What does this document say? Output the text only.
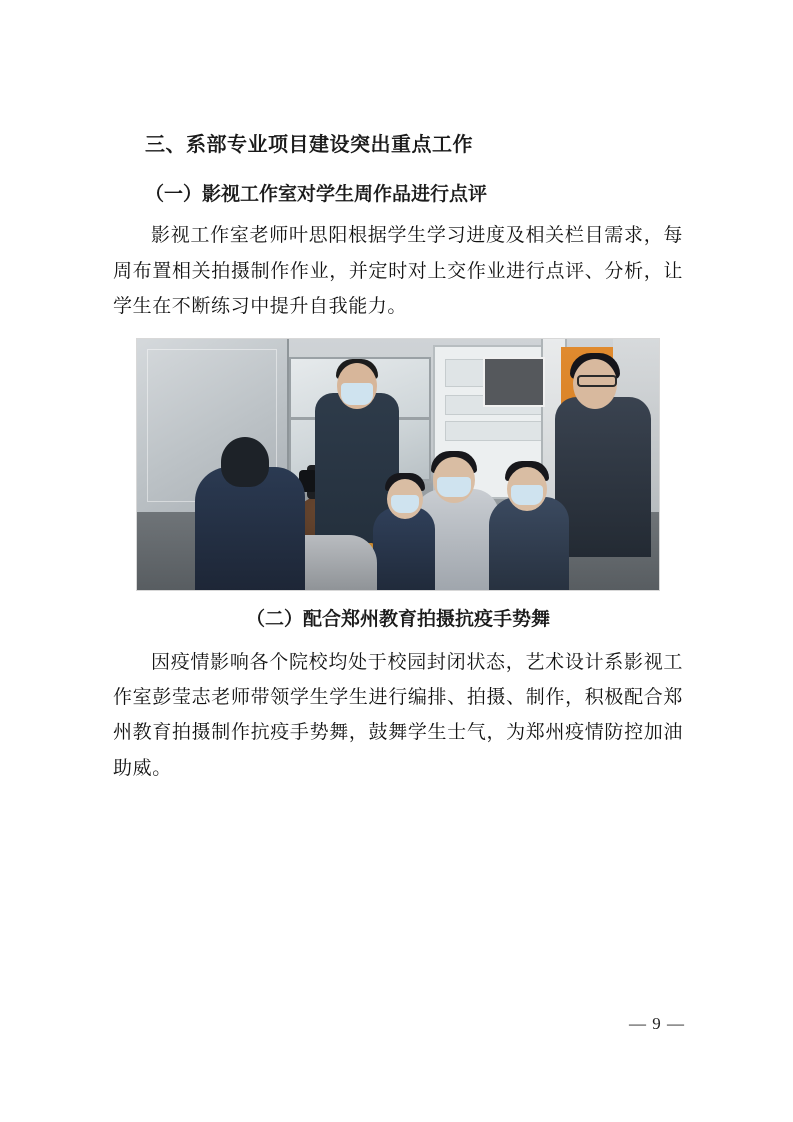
三、系部专业项目建设突出重点工作
（一）影视工作室对学生周作品进行点评

影视工作室老师叶思阳根据学生学习进度及相关栏目需求，每周布置相关拍摄制作作业，并定时对上交作业进行点评、分析，让学生在不断练习中提升自我能力。

（二）配合郑州教育拍摄抗疫手势舞

因疫情影响各个院校均处于校园封闭状态，艺术设计系影视工作室彭莹志老师带领学生学生进行编排、拍摄、制作，积极配合郑州教育拍摄制作抗疫手势舞，鼓舞学生士气，为郑州疫情防控加油助威。

— 9 —
